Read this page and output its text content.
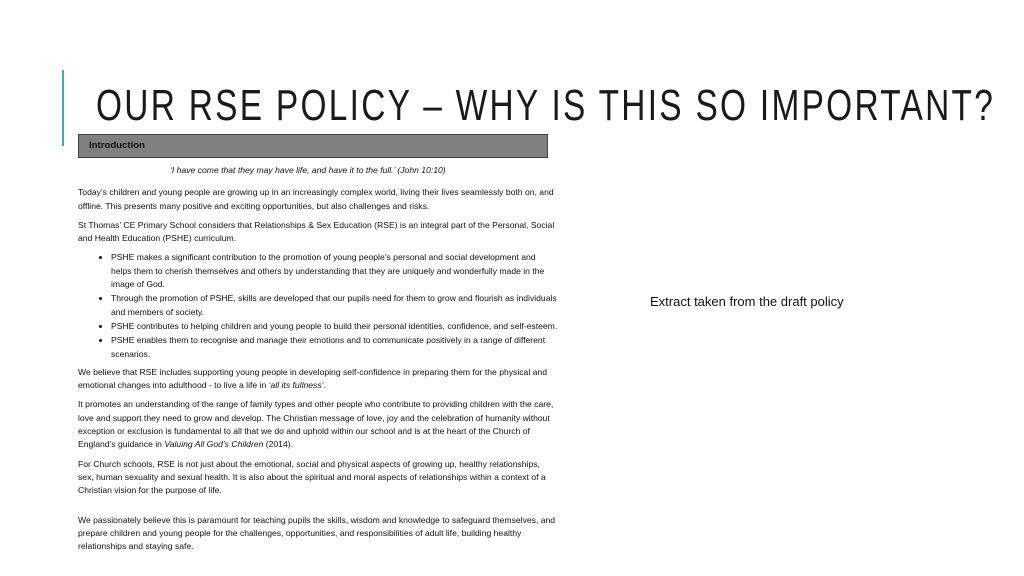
OUR RSE POLICY – WHY IS THIS SO IMPORTANT?
Introduction
‘I have come that they may have life, and have it to the full.’ (John 10:10)

Today’s children and young people are growing up in an increasingly complex world, living their lives seamlessly both on, and offline. This presents many positive and exciting opportunities, but also challenges and risks.

St Thomas’ CE Primary School considers that Relationships & Sex Education (RSE) is an integral part of the Personal, Social and Health Education (PSHE) curriculum.

• PSHE makes a significant contribution to the promotion of young people’s personal and social development and helps them to cherish themselves and others by understanding that they are uniquely and wonderfully made in the image of God.
• Through the promotion of PSHE, skills are developed that our pupils need for them to grow and flourish as individuals and members of society.
• PSHE contributes to helping children and young people to build their personal identities, confidence, and self-esteem.
• PSHE enables them to recognise and manage their emotions and to communicate positively in a range of different scenarios.

We believe that RSE includes supporting young people in developing self-confidence in preparing them for the physical and emotional changes into adulthood - to live a life in ‘all its fullness’.

It promotes an understanding of the range of family types and other people who contribute to providing children with the care, love and support they need to grow and develop. The Christian message of love, joy and the celebration of humanity without exception or exclusion is fundamental to all that we do and uphold within our school and is at the heart of the Church of England’s guidance in Valuing All God’s Children (2014).

For Church schools, RSE is not just about the emotional, social and physical aspects of growing up, healthy relationships, sex, human sexuality and sexual health. It is also about the spiritual and moral aspects of relationships within a context of a Christian vision for the purpose of life.

We passionately believe this is paramount for teaching pupils the skills, wisdom and knowledge to safeguard themselves, and prepare children and young people for the challenges, opportunities, and responsibilities of adult life, building healthy relationships and staying safe.

Extract taken from the draft policy
